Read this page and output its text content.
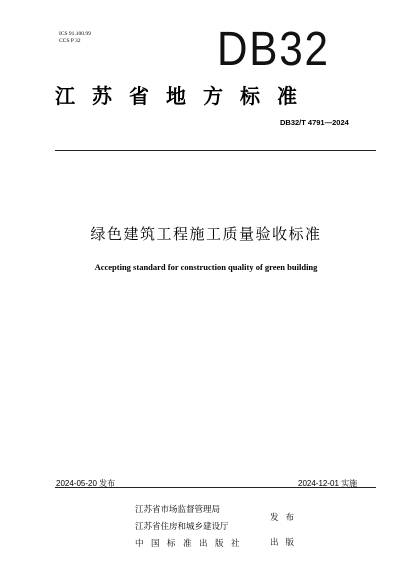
ICS 91.100.99
CCS P 32	DB32
江苏省地方标准
DB32/T 4791—2024
绿色建筑工程施工质量验收标准
Accepting standard for construction quality of green building
2024-05-20 发布	2024-12-01 实施
江苏省市场监督管理局
江苏省住房和城乡建设厅
中国标准出版社
发布
出版
